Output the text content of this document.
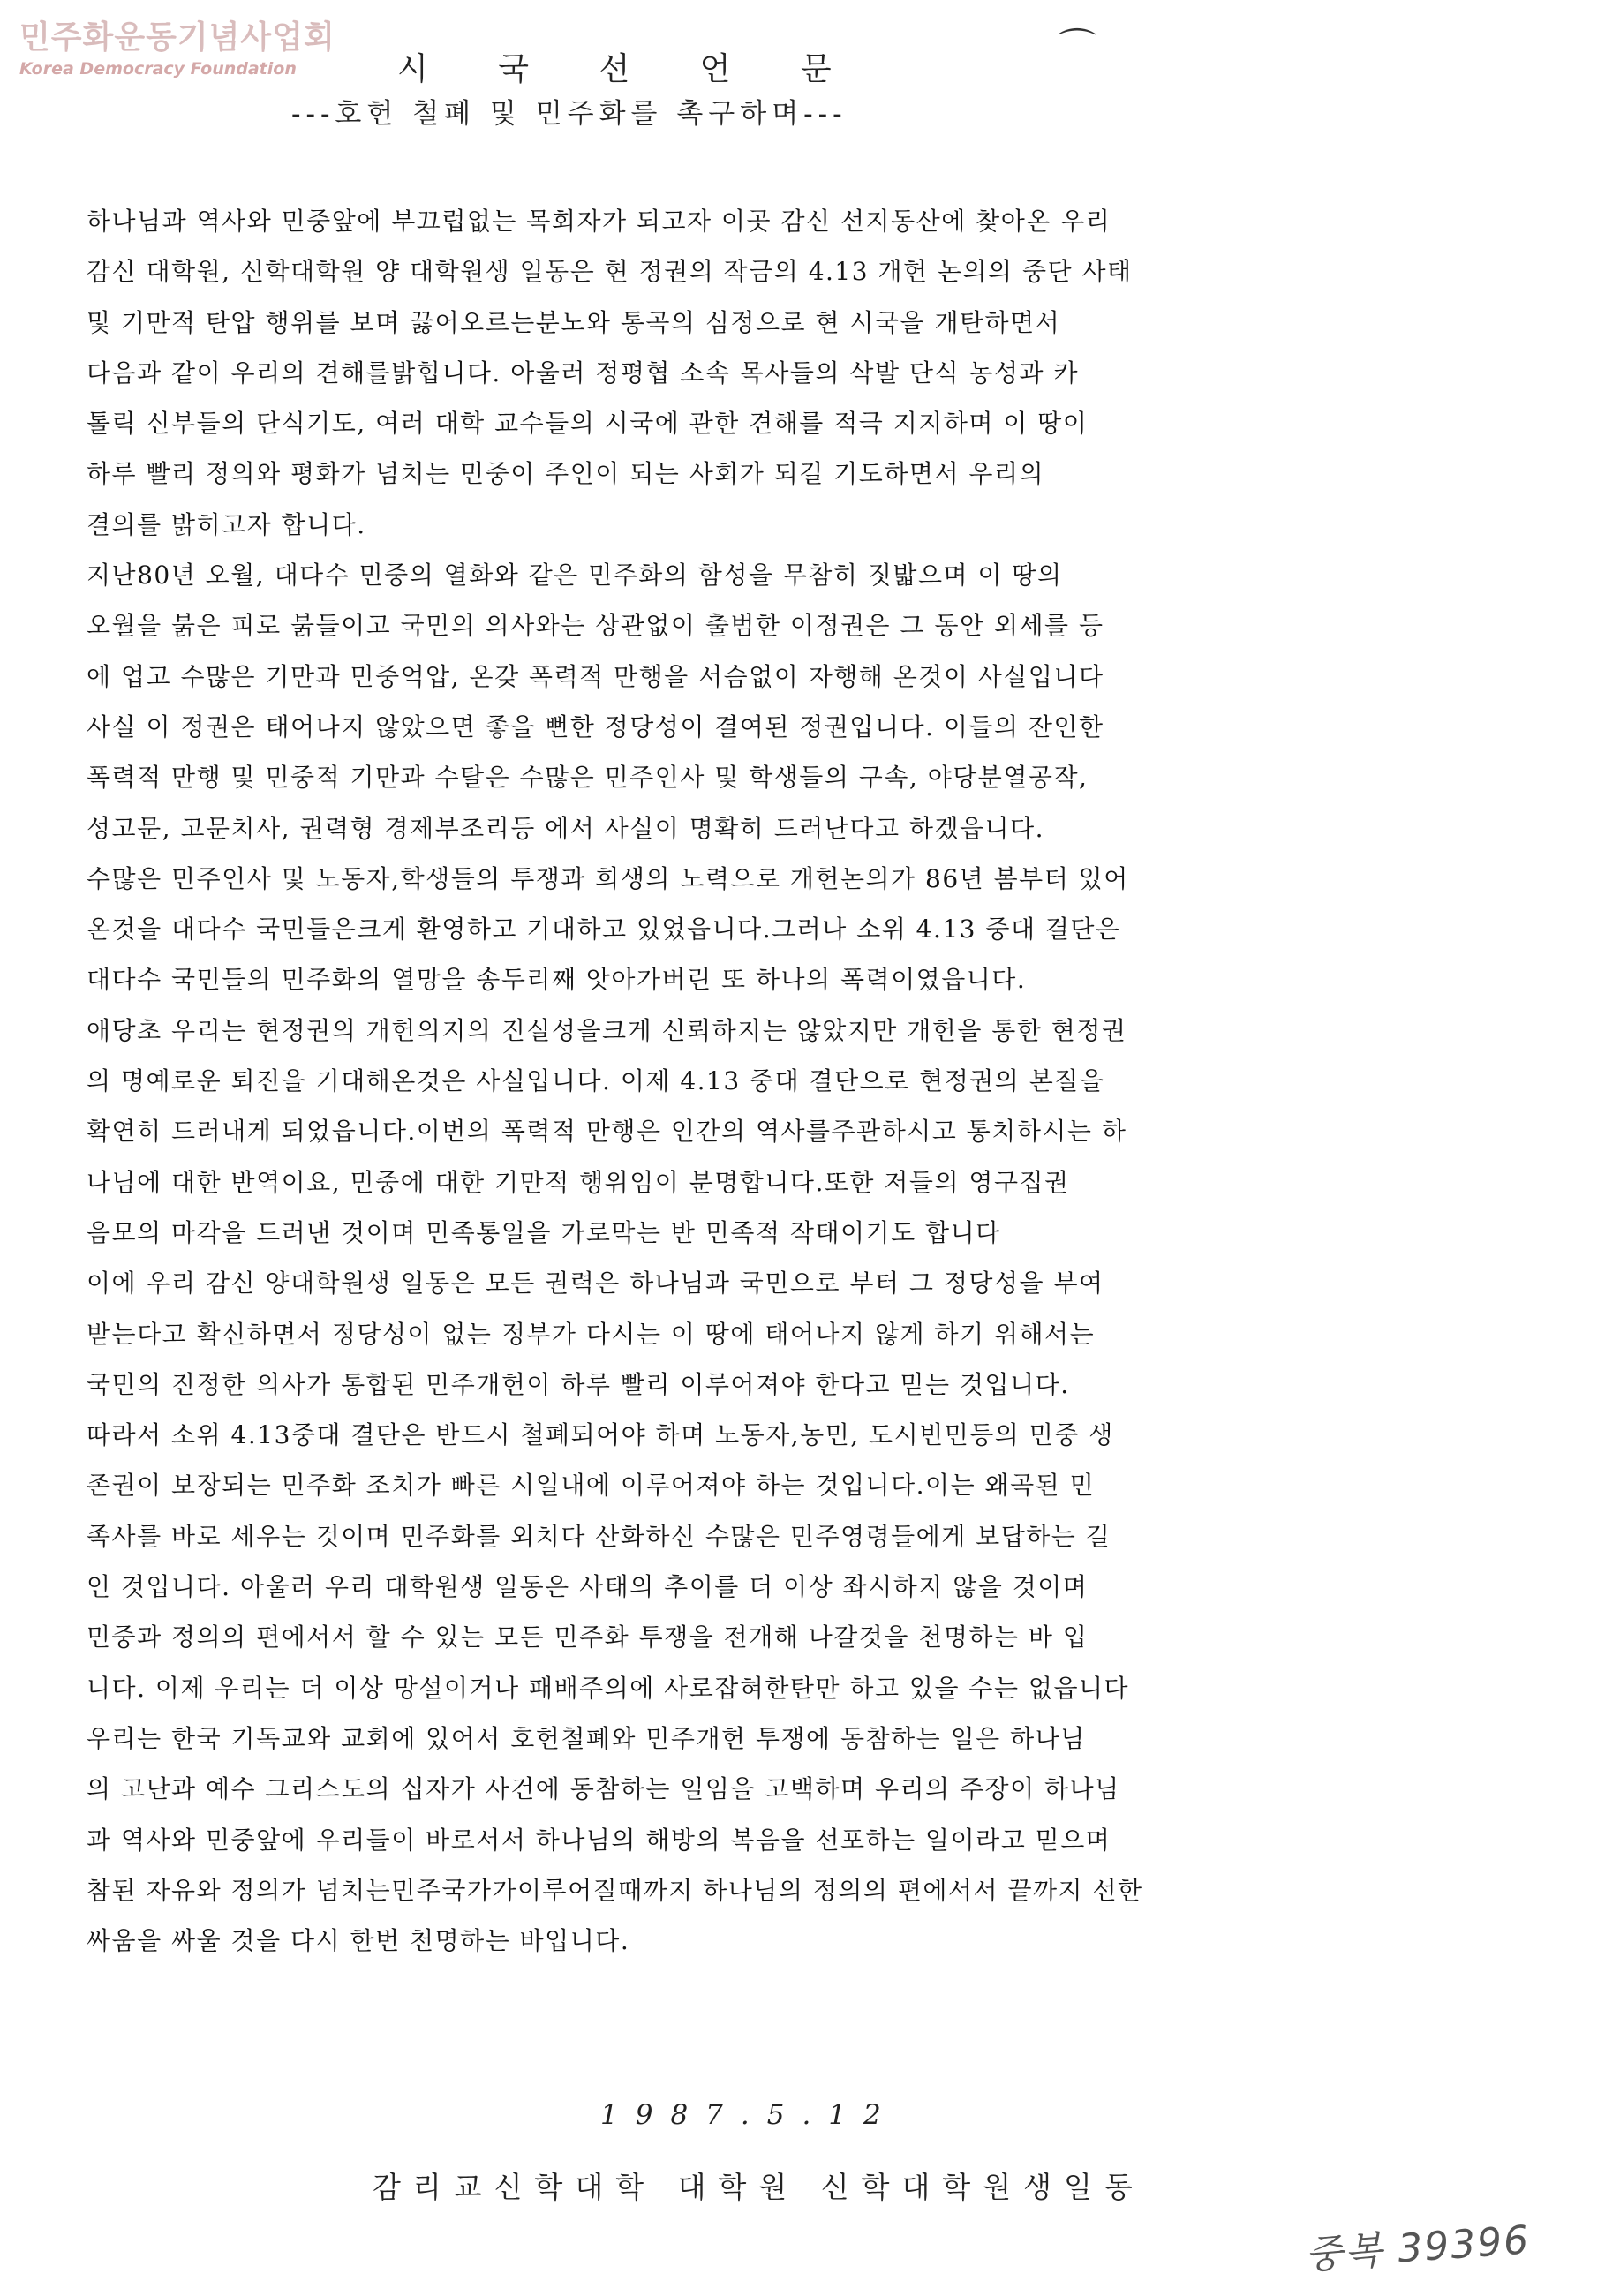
민주화운동기념사업회
Korea Democracy Foundation	⌒
시 국 선 언 문
---호헌 철폐 및 민주화를 촉구하며---
하나님과 역사와 민중앞에 부끄럽없는 목회자가 되고자 이곳 감신 선지동산에 찾아온 우리
감신 대학원, 신학대학원 양 대학원생 일동은 현 정권의 작금의 4.13 개헌 논의의 중단 사태
및 기만적 탄압 행위를 보며 끓어오르는분노와 통곡의 심정으로 현 시국을 개탄하면서
다음과 같이 우리의 견해를밝힙니다. 아울러 정평협 소속 목사들의 삭발 단식 농성과 카
톨릭 신부들의 단식기도, 여러 대학 교수들의 시국에 관한 견해를 적극 지지하며 이 땅이
하루 빨리 정의와 평화가 넘치는 민중이 주인이 되는 사회가 되길 기도하면서 우리의
결의를 밝히고자 합니다.
지난80년 오월, 대다수 민중의 열화와 같은 민주화의 함성을 무참히 짓밟으며 이 땅의
오월을 붉은 피로 붉들이고 국민의 의사와는 상관없이 출범한 이정권은 그 동안 외세를 등
에 업고 수많은 기만과 민중억압, 온갖 폭력적 만행을 서슴없이 자행해 온것이 사실입니다
사실 이 정권은 태어나지 않았으면 좋을 뻔한 정당성이 결여된 정권입니다. 이들의 잔인한
폭력적 만행 및 민중적 기만과 수탈은 수많은 민주인사 및 학생들의 구속, 야당분열공작,
성고문, 고문치사, 권력형 경제부조리등 에서 사실이 명확히 드러난다고 하겠읍니다.
수많은 민주인사 및 노동자,학생들의 투쟁과 희생의 노력으로 개헌논의가 86년 봄부터 있어
온것을 대다수 국민들은크게 환영하고 기대하고 있었읍니다.그러나 소위 4.13 중대 결단은
대다수 국민들의 민주화의 열망을 송두리째 앗아가버린 또 하나의 폭력이였읍니다.
애당초 우리는 현정권의 개헌의지의 진실성을크게 신뢰하지는 않았지만 개헌을 통한 현정권
의 명예로운 퇴진을 기대해온것은 사실입니다. 이제 4.13 중대 결단으로 현정권의 본질을
확연히 드러내게 되었읍니다.이번의 폭력적 만행은 인간의 역사를주관하시고 통치하시는 하
나님에 대한 반역이요, 민중에 대한 기만적 행위임이 분명합니다.또한 저들의 영구집권
음모의 마각을 드러낸 것이며 민족통일을 가로막는 반 민족적 작태이기도 합니다
이에 우리 감신 양대학원생 일동은 모든 권력은 하나님과 국민으로 부터 그 정당성을 부여
받는다고 확신하면서 정당성이 없는 정부가 다시는 이 땅에 태어나지 않게 하기 위해서는
국민의 진정한 의사가 통합된 민주개헌이 하루 빨리 이루어져야 한다고 믿는 것입니다.
따라서 소위 4.13중대 결단은 반드시 철폐되어야 하며 노동자,농민, 도시빈민등의 민중 생
존권이 보장되는 민주화 조치가 빠른 시일내에 이루어져야 하는 것입니다.이는 왜곡된 민
족사를 바로 세우는 것이며 민주화를 외치다 산화하신 수많은 민주영령들에게 보답하는 길
인 것입니다. 아울러 우리 대학원생 일동은 사태의 추이를 더 이상 좌시하지 않을 것이며
민중과 정의의 편에서서 할 수 있는 모든 민주화 투쟁을 전개해 나갈것을 천명하는 바 입
니다. 이제 우리는 더 이상 망설이거나 패배주의에 사로잡혀한탄만 하고 있을 수는 없읍니다
우리는 한국 기독교와 교회에 있어서 호헌철폐와 민주개헌 투쟁에 동참하는 일은 하나님
의 고난과 예수 그리스도의 십자가 사건에 동참하는 일임을 고백하며 우리의 주장이 하나님
과 역사와 민중앞에 우리들이 바로서서 하나님의 해방의 복음을 선포하는 일이라고 믿으며
참된 자유와 정의가 넘치는민주국가가이루어질때까지 하나님의 정의의 편에서서 끝까지 선한
싸움을 싸울 것을 다시 한번 천명하는 바입니다.
1987.5.12
감리교신학대학 대학원 신학대학원생일동
중복 39396
